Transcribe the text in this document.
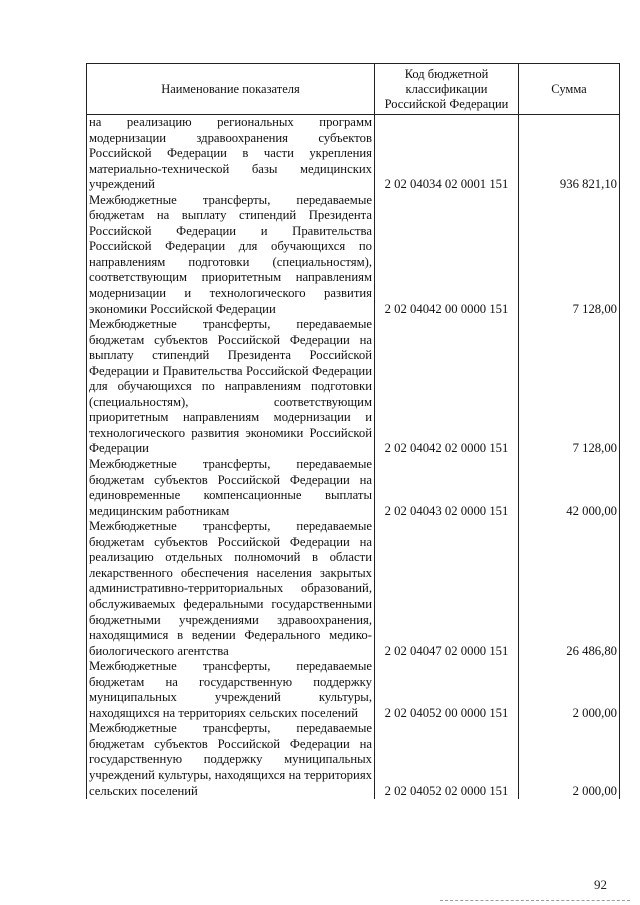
Наименование показателя	Код бюджетной классификации Российской Федерации	Сумма
на реализацию региональных программ модернизации здравоохранения субъектов Российской Федерации в части укрепления материально-технической базы медицинских учреждений	2 02 04034 02 0001 151	936 821,10
Межбюджетные трансферты, передаваемые бюджетам на выплату стипендий Президента Российской Федерации и Правительства Российской Федерации для обучающихся по направлениям подготовки (специальностям), соответствующим приоритетным направлениям модернизации и технологического развития экономики Российской Федерации	2 02 04042 00 0000 151	7 128,00
Межбюджетные трансферты, передаваемые бюджетам субъектов Российской Федерации на выплату стипендий Президента Российской Федерации и Правительства Российской Федерации для обучающихся по направлениям подготовки (специальностям), соответствующим приоритетным направлениям модернизации и технологического развития экономики Российской Федерации	2 02 04042 02 0000 151	7 128,00
Межбюджетные трансферты, передаваемые бюджетам субъектов Российской Федерации на единовременные компенсационные выплаты медицинским работникам	2 02 04043 02 0000 151	42 000,00
Межбюджетные трансферты, передаваемые бюджетам субъектов Российской Федерации на реализацию отдельных полномочий в области лекарственного обеспечения населения закрытых административно-территориальных образований, обслуживаемых федеральными государственными бюджетными учреждениями здравоохранения, находящимися в ведении Федерального медико-биологического агентства	2 02 04047 02 0000 151	26 486,80
Межбюджетные трансферты, передаваемые бюджетам на государственную поддержку муниципальных учреждений культуры, находящихся на территориях сельских поселений	2 02 04052 00 0000 151	2 000,00
Межбюджетные трансферты, передаваемые бюджетам субъектов Российской Федерации на государственную поддержку муниципальных учреждений культуры, находящихся на территориях сельских поселений	2 02 04052 02 0000 151	2 000,00
92
